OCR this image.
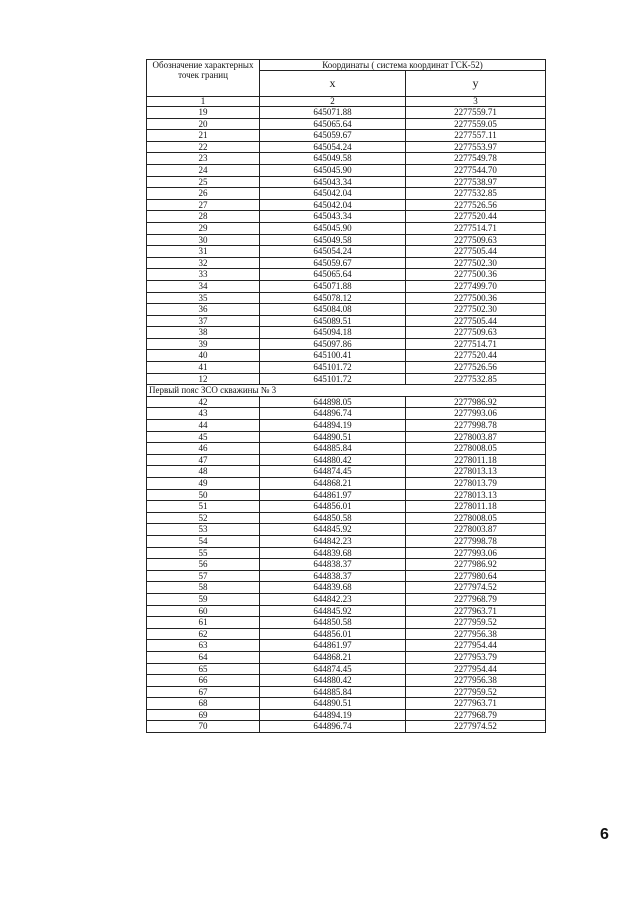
Обозначение характерных точек границ	Координаты ( система координат ГСК-52)	
	x	у
1	2	3
19	645071.88	2277559.71
20	645065.64	2277559.05
21	645059.67	2277557.11
22	645054.24	2277553.97
23	645049.58	2277549.78
24	645045.90	2277544.70
25	645043.34	2277538.97
26	645042.04	2277532.85
27	645042.04	2277526.56
28	645043.34	2277520.44
29	645045.90	2277514.71
30	645049.58	2277509.63
31	645054.24	2277505.44
32	645059.67	2277502.30
33	645065.64	2277500.36
34	645071.88	2277499.70
35	645078.12	2277500.36
36	645084.08	2277502.30
37	645089.51	2277505.44
38	645094.18	2277509.63
39	645097.86	2277514.71
40	645100.41	2277520.44
41	645101.72	2277526.56
12	645101.72	2277532.85
Первый пояс ЗСО скважины № 3		
42	644898.05	2277986.92
43	644896.74	2277993.06
44	644894.19	2277998.78
45	644890.51	2278003.87
46	644885.84	2278008.05
47	644880.42	2278011.18
48	644874.45	2278013.13
49	644868.21	2278013.79
50	644861.97	2278013.13
51	644856.01	2278011.18
52	644850.58	2278008.05
53	644845.92	2278003.87
54	644842.23	2277998.78
55	644839.68	2277993.06
56	644838.37	2277986.92
57	644838.37	2277980.64
58	644839.68	2277974.52
59	644842.23	2277968.79
60	644845.92	2277963.71
61	644850.58	2277959.52
62	644856.01	2277956.38
63	644861.97	2277954.44
64	644868.21	2277953.79
65	644874.45	2277954.44
66	644880.42	2277956.38
67	644885.84	2277959.52
68	644890.51	2277963.71
69	644894.19	2277968.79
70	644896.74	2277974.52
6
